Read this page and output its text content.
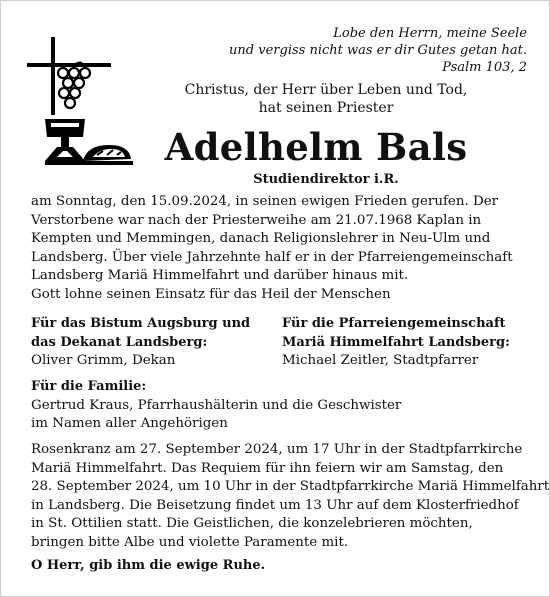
Lobe den Herrn, meine Seele
und vergiss nicht was er dir Gutes getan hat.
Psalm 103, 2
Christus, der Herr über Leben und Tod,
hat seinen Priester
Adelhelm Bals
Studiendirektor i.R.
am Sonntag, den 15.09.2024, in seinen ewigen Frieden gerufen. Der
Verstorbene war nach der Priesterweihe am 21.07.1968 Kaplan in
Kempten und Memmingen, danach Religionslehrer in Neu-Ulm und
Landsberg. Über viele Jahrzehnte half er in der Pfarreiengemeinschaft
Landsberg Mariä Himmelfahrt und darüber hinaus mit.
Gott lohne seinen Einsatz für das Heil der Menschen
Für das Bistum Augsburg und
das Dekanat Landsberg:
Oliver Grimm, Dekan
Für die Pfarreiengemeinschaft
Mariä Himmelfahrt Landsberg:
Michael Zeitler, Stadtpfarrer
Für die Familie:
Gertrud Kraus, Pfarrhaushälterin und die Geschwister
im Namen aller Angehörigen
Rosenkranz am 27. September 2024, um 17 Uhr in der Stadtpfarrkirche
Mariä Himmelfahrt. Das Requiem für ihn feiern wir am Samstag, den
28. September 2024, um 10 Uhr in der Stadtpfarrkirche Mariä Himmelfahrt
in Landsberg. Die Beisetzung findet um 13 Uhr auf dem Klosterfriedhof
in St. Ottilien statt. Die Geistlichen, die konzelebrieren möchten,
bringen bitte Albe und violette Paramente mit.
O Herr, gib ihm die ewige Ruhe.
